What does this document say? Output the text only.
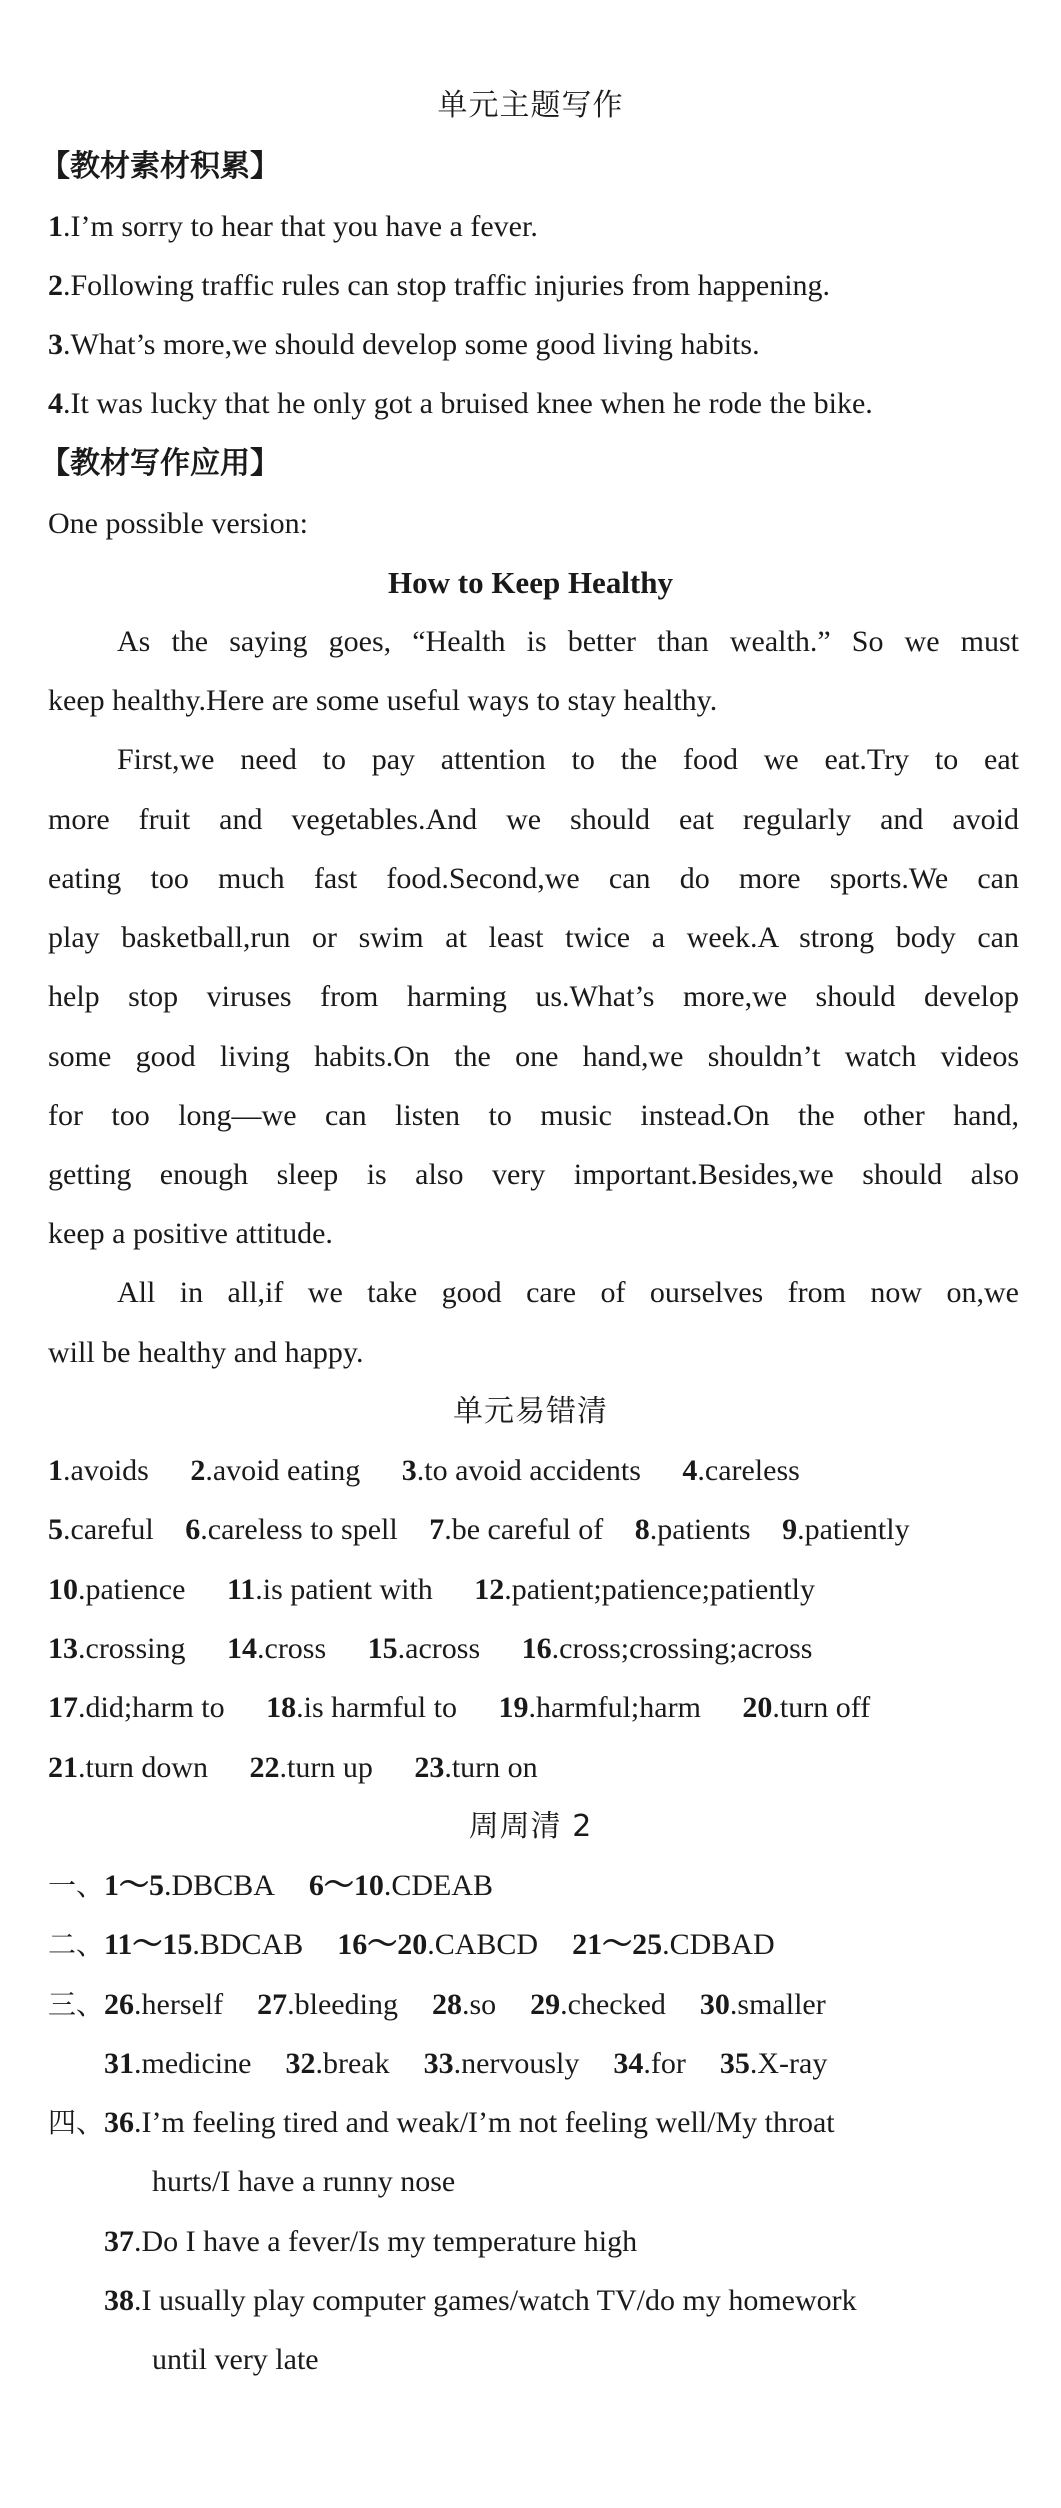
单元主题写作
【教材素材积累】
1.I’m sorry to hear that you have a fever.
2.Following traffic rules can stop traffic injuries from happening.
3.What’s more,we should develop some good living habits.
4.It was lucky that he only got a bruised knee when he rode the bike.
【教材写作应用】
One possible version:
How to Keep Healthy
As the saying goes, “Health is better than wealth.” So we must
keep healthy.Here are some useful ways to stay healthy.
First,we need to pay attention to the food we eat.Try to eat
more fruit and vegetables.And we should eat regularly and avoid
eating too much fast food.Second,we can do more sports.We can
play basketball,run or swim at least twice a week.A strong body can
help stop viruses from harming us.What’s more,we should develop
some good living habits.On the one hand,we shouldn’t watch videos
for too long—we can listen to music instead.On the other hand,
getting enough sleep is also very important.Besides,we should also
keep a positive attitude.
All in all,if we take good care of ourselves from now on,we
will be healthy and happy.
单元易错清
1.avoids 2.avoid eating 3.to avoid accidents 4.careless
5.careful 6.careless to spell 7.be careful of 8.patients 9.patiently
10.patience 11.is patient with 12.patient;patience;patiently
13.crossing 14.cross 15.across 16.cross;crossing;across
17.did;harm to 18.is harmful to 19.harmful;harm 20.turn off
21.turn down 22.turn up 23.turn on
周周清 2
一、1～5.DBCBA 6～10.CDEAB
二、11～15.BDCAB 16～20.CABCD 21～25.CDBAD
三、26.herself 27.bleeding 28.so 29.checked 30.smaller
31.medicine 32.break 33.nervously 34.for 35.X-ray
四、36.I’m feeling tired and weak/I’m not feeling well/My throat
hurts/I have a runny nose
37.Do I have a fever/Is my temperature high
38.I usually play computer games/watch TV/do my homework
until very late
